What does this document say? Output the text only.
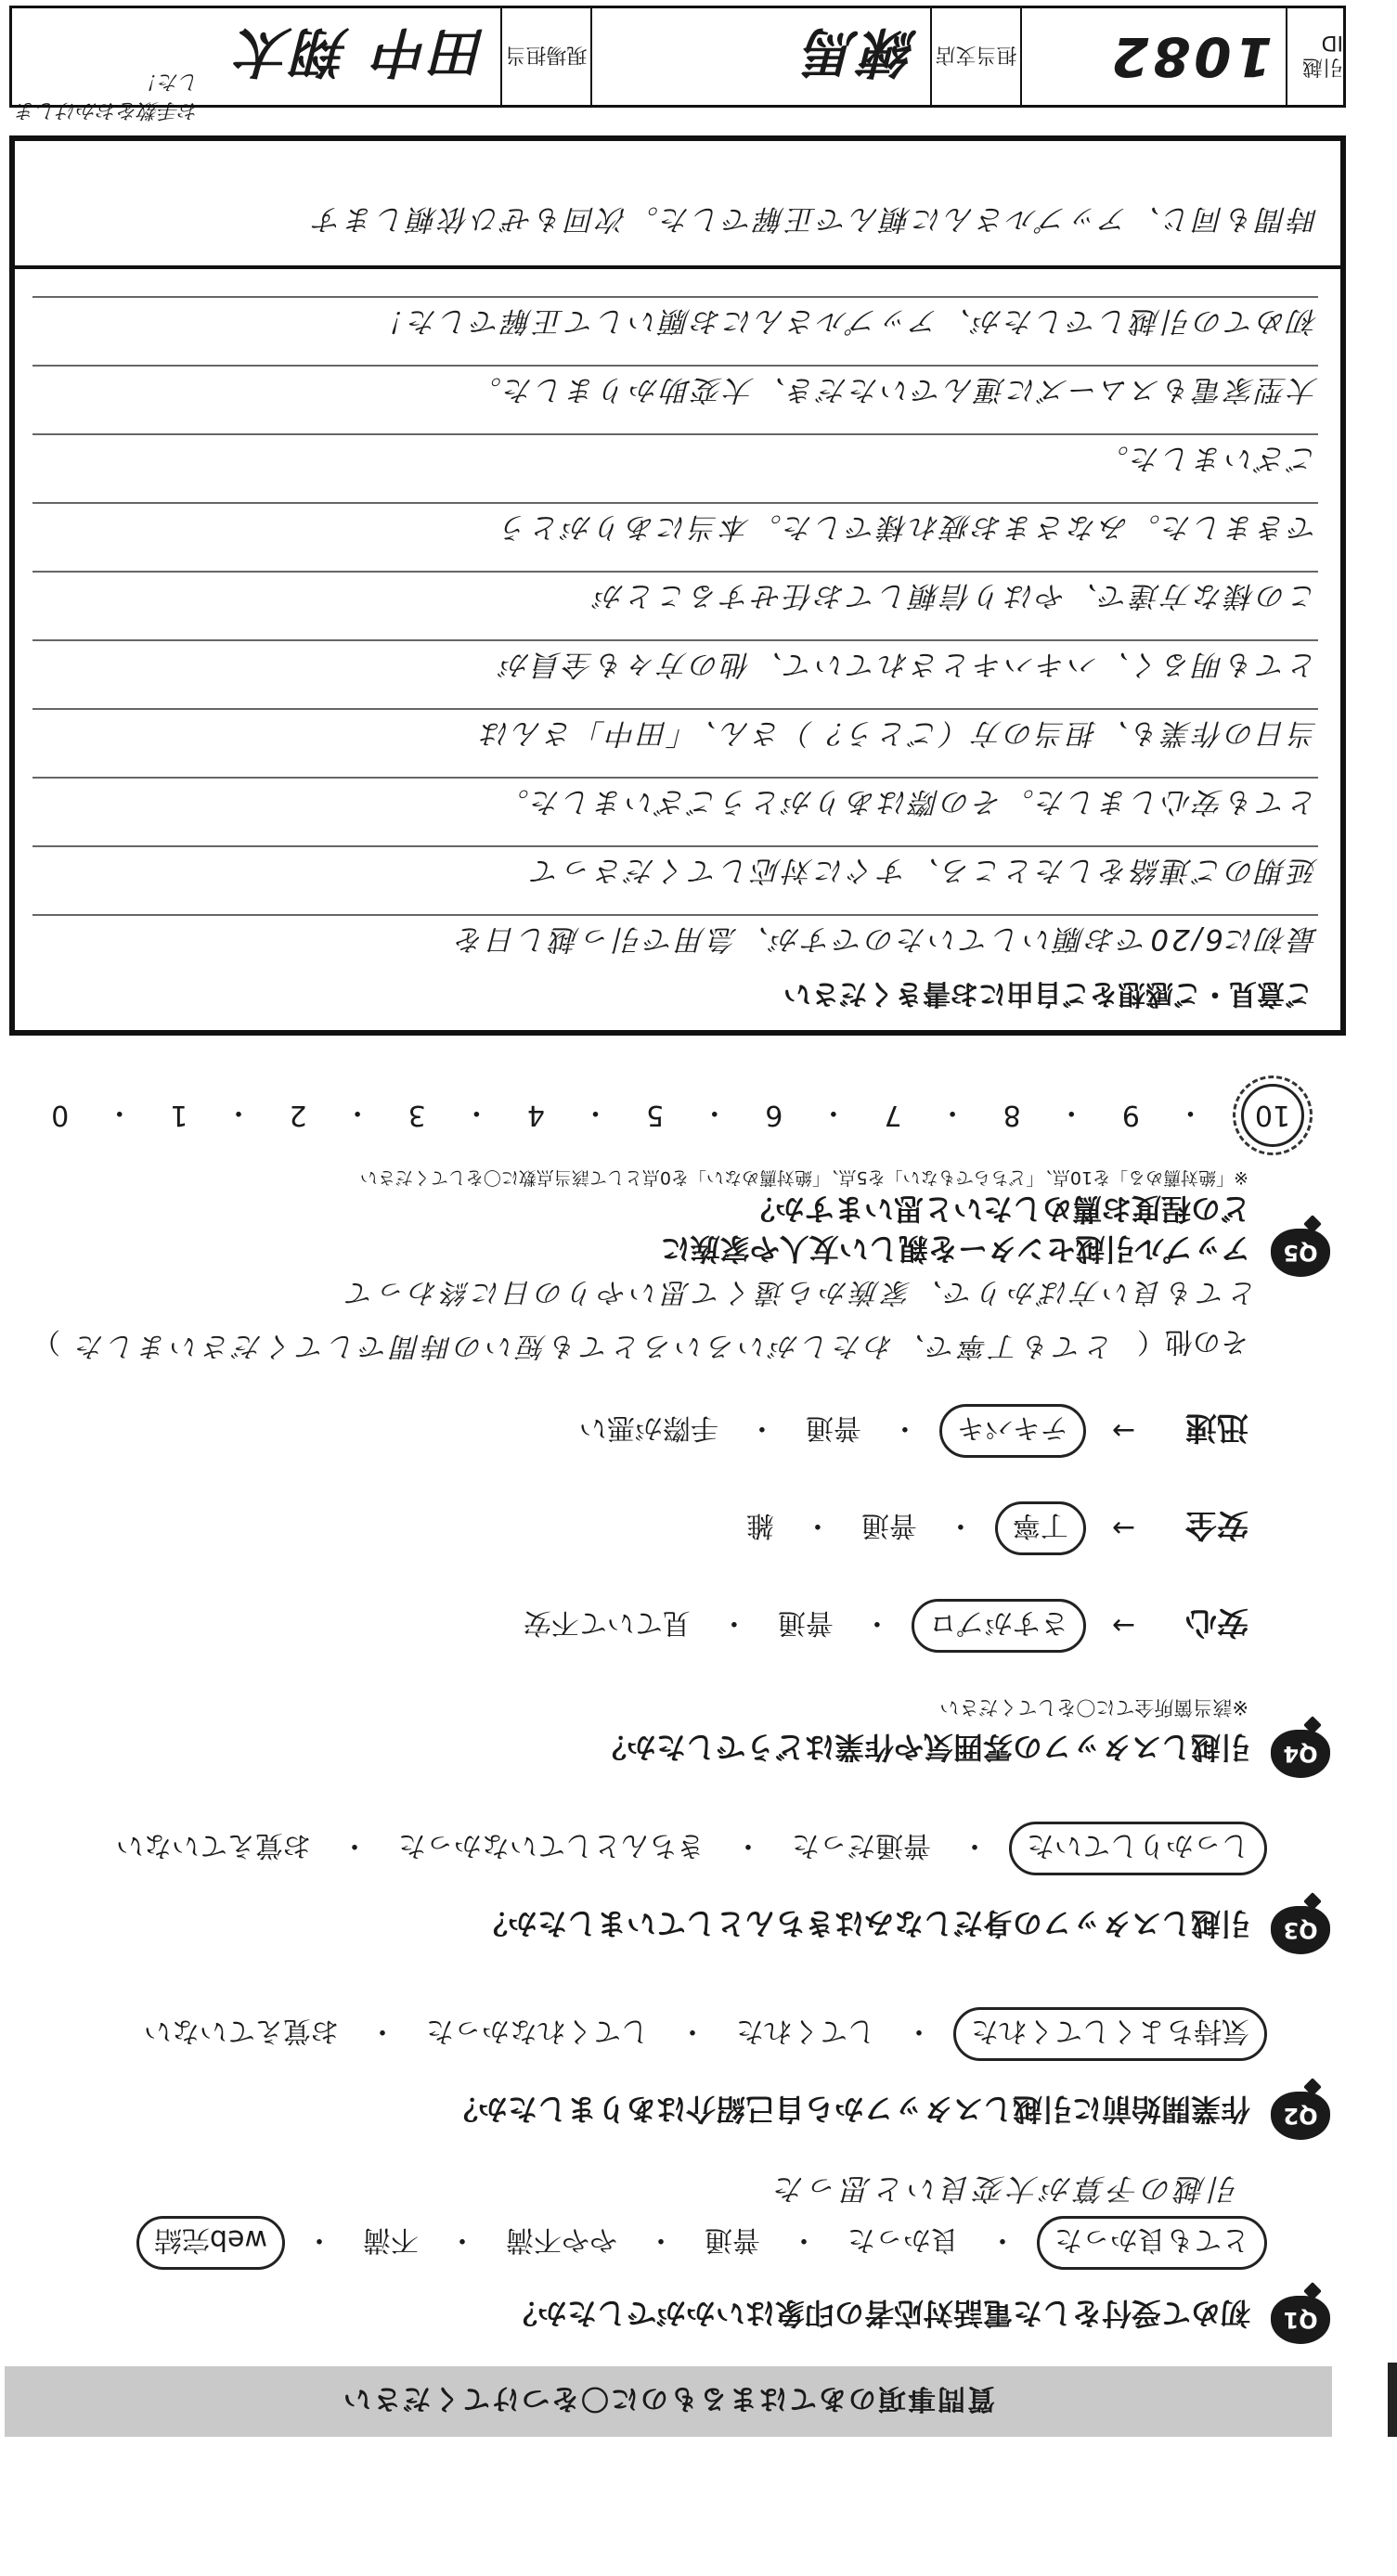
質問事項のあてはまるものに〇をつけてください
Q1
初めて受付をした電話対応者の印象はいかがでしたか？
とても良かった
・
良かった
・
普通
・
やや不満
・
不満
・
web完結
引越の予算が大変良いと思った
Q2
作業開始前に引越しスタッフから自己紹介はありましたか？
気持ちよくしてくれた
・
してくれた
・
してくれなかった
・
お覚えていない
Q3
引越しスタッフの身だしなみはきちんとしていましたか？
しっかりしていた
・
普通だった
・
きちんとしていなかった
・
お覚えていない
Q4
引越しスタッフの雰囲気や作業はどうでしたか？
※該当箇所全てに〇をしてください
安心
→
さすがプロ
・
普通
・
見ていて不安
安全
→
丁寧
・
普通
・
雑
迅速
→
テキパキ
・
普通
・
手際が悪い
その他（
とても丁寧で、わたしがいろいろとても短いの時間でしてくださいました
）
とても良い方ばかりで、家族から遠くて思いやりの日に終わって
Q5
アップル引越センターを親しい友人や家族に
どの程度お薦めしたいと思いますか？
※「絶対薦める」を10点、「どちらでもない」を5点、「絶対薦めない」を0点として該当点数に〇をしてください
10
・
9
・
8
・
7
・
6
・
5
・
4
・
3
・
2
・
1
・
0
ご意見・ご感想をご自由にお書きください
最初に6/20でお願いしていたのですが、急用で引っ越し日を
延期のご連絡をしたところ、すぐに対応してくださって
とても安心しました。その際はありがとうございました。
当日の作業も、担当の方（ごとう？）さん、「田中」さんは
とても明るく、ハキハキとされていて、他の方々も全員が
この様な方達で、やはり信頼してお任せすることが
できました。みなさまお疲れ様でした。本当にありがとう
ございました。
大型家電もスムーズに運んでいただき、大変助かりました。
初めての引越しでしたが、アップルさんにお願いして正解でした！
時間も同じ、アップルさんに頼んで正解でした。次回もぜひ依頼します
お手数をおかけしました！
引越ID
1082
担当支店
練馬
現場担当
田中 翔太
